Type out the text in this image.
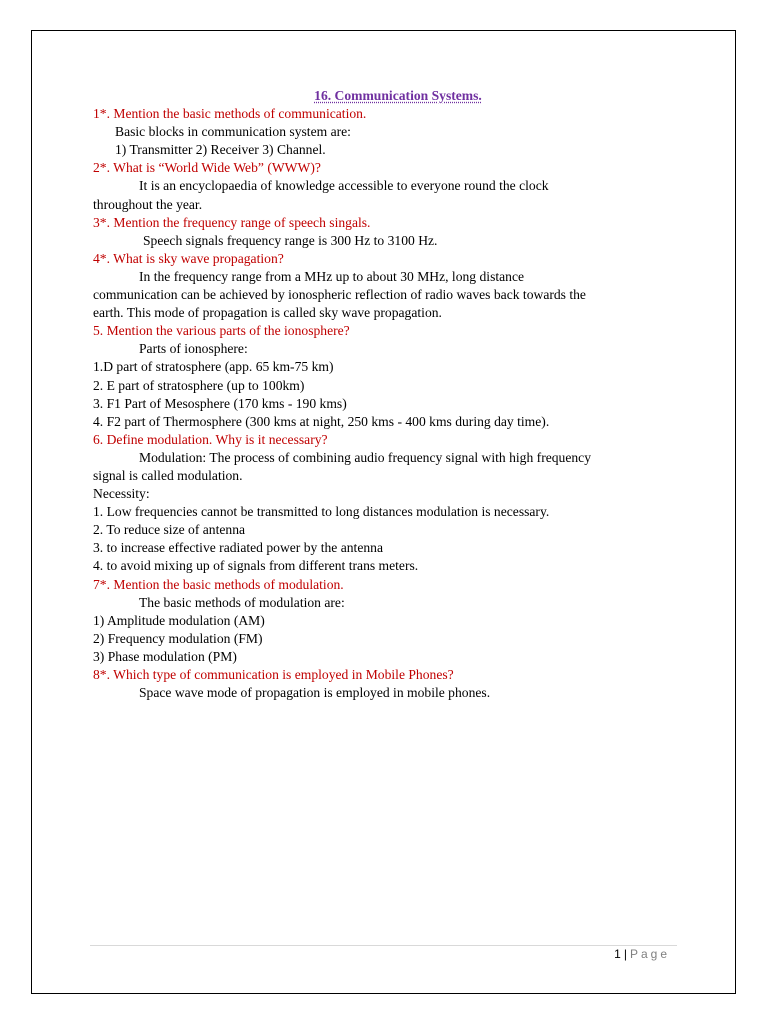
16. Communication Systems.
1*. Mention the basic methods of communication.
Basic blocks in communication system are:
1) Transmitter 2) Receiver 3) Channel.
2*. What is “World Wide Web” (WWW)?
It is an encyclopaedia of knowledge accessible to everyone round the clock
throughout the year.
3*. Mention the frequency range of speech singals.
Speech signals frequency range is 300 Hz to 3100 Hz.
4*. What is sky wave propagation?
In the frequency range from a MHz up to about 30 MHz, long distance
communication can be achieved by ionospheric reflection of radio waves back towards the
earth. This mode of propagation is called sky wave propagation.
5. Mention the various parts of the ionosphere?
Parts of ionosphere:
1.D part of stratosphere (app. 65 km-75 km)
2. E part of stratosphere (up to 100km)
3. F1 Part of Mesosphere (170 kms - 190 kms)
4. F2 part of Thermosphere (300 kms at night, 250 kms - 400 kms during day time).
6. Define modulation. Why is it necessary?
Modulation: The process of combining audio frequency signal with high frequency
signal is called modulation.
Necessity:
1. Low frequencies cannot be transmitted to long distances modulation is necessary.
2. To reduce size of antenna
3. to increase effective radiated power by the antenna
4. to avoid mixing up of signals from different trans meters.
7*. Mention the basic methods of modulation.
The basic methods of modulation are:
1) Amplitude modulation (AM)
2) Frequency modulation (FM)
3) Phase modulation (PM)
8*. Which type of communication is employed in Mobile Phones?
Space wave mode of propagation is employed in mobile phones.
1 | Page
